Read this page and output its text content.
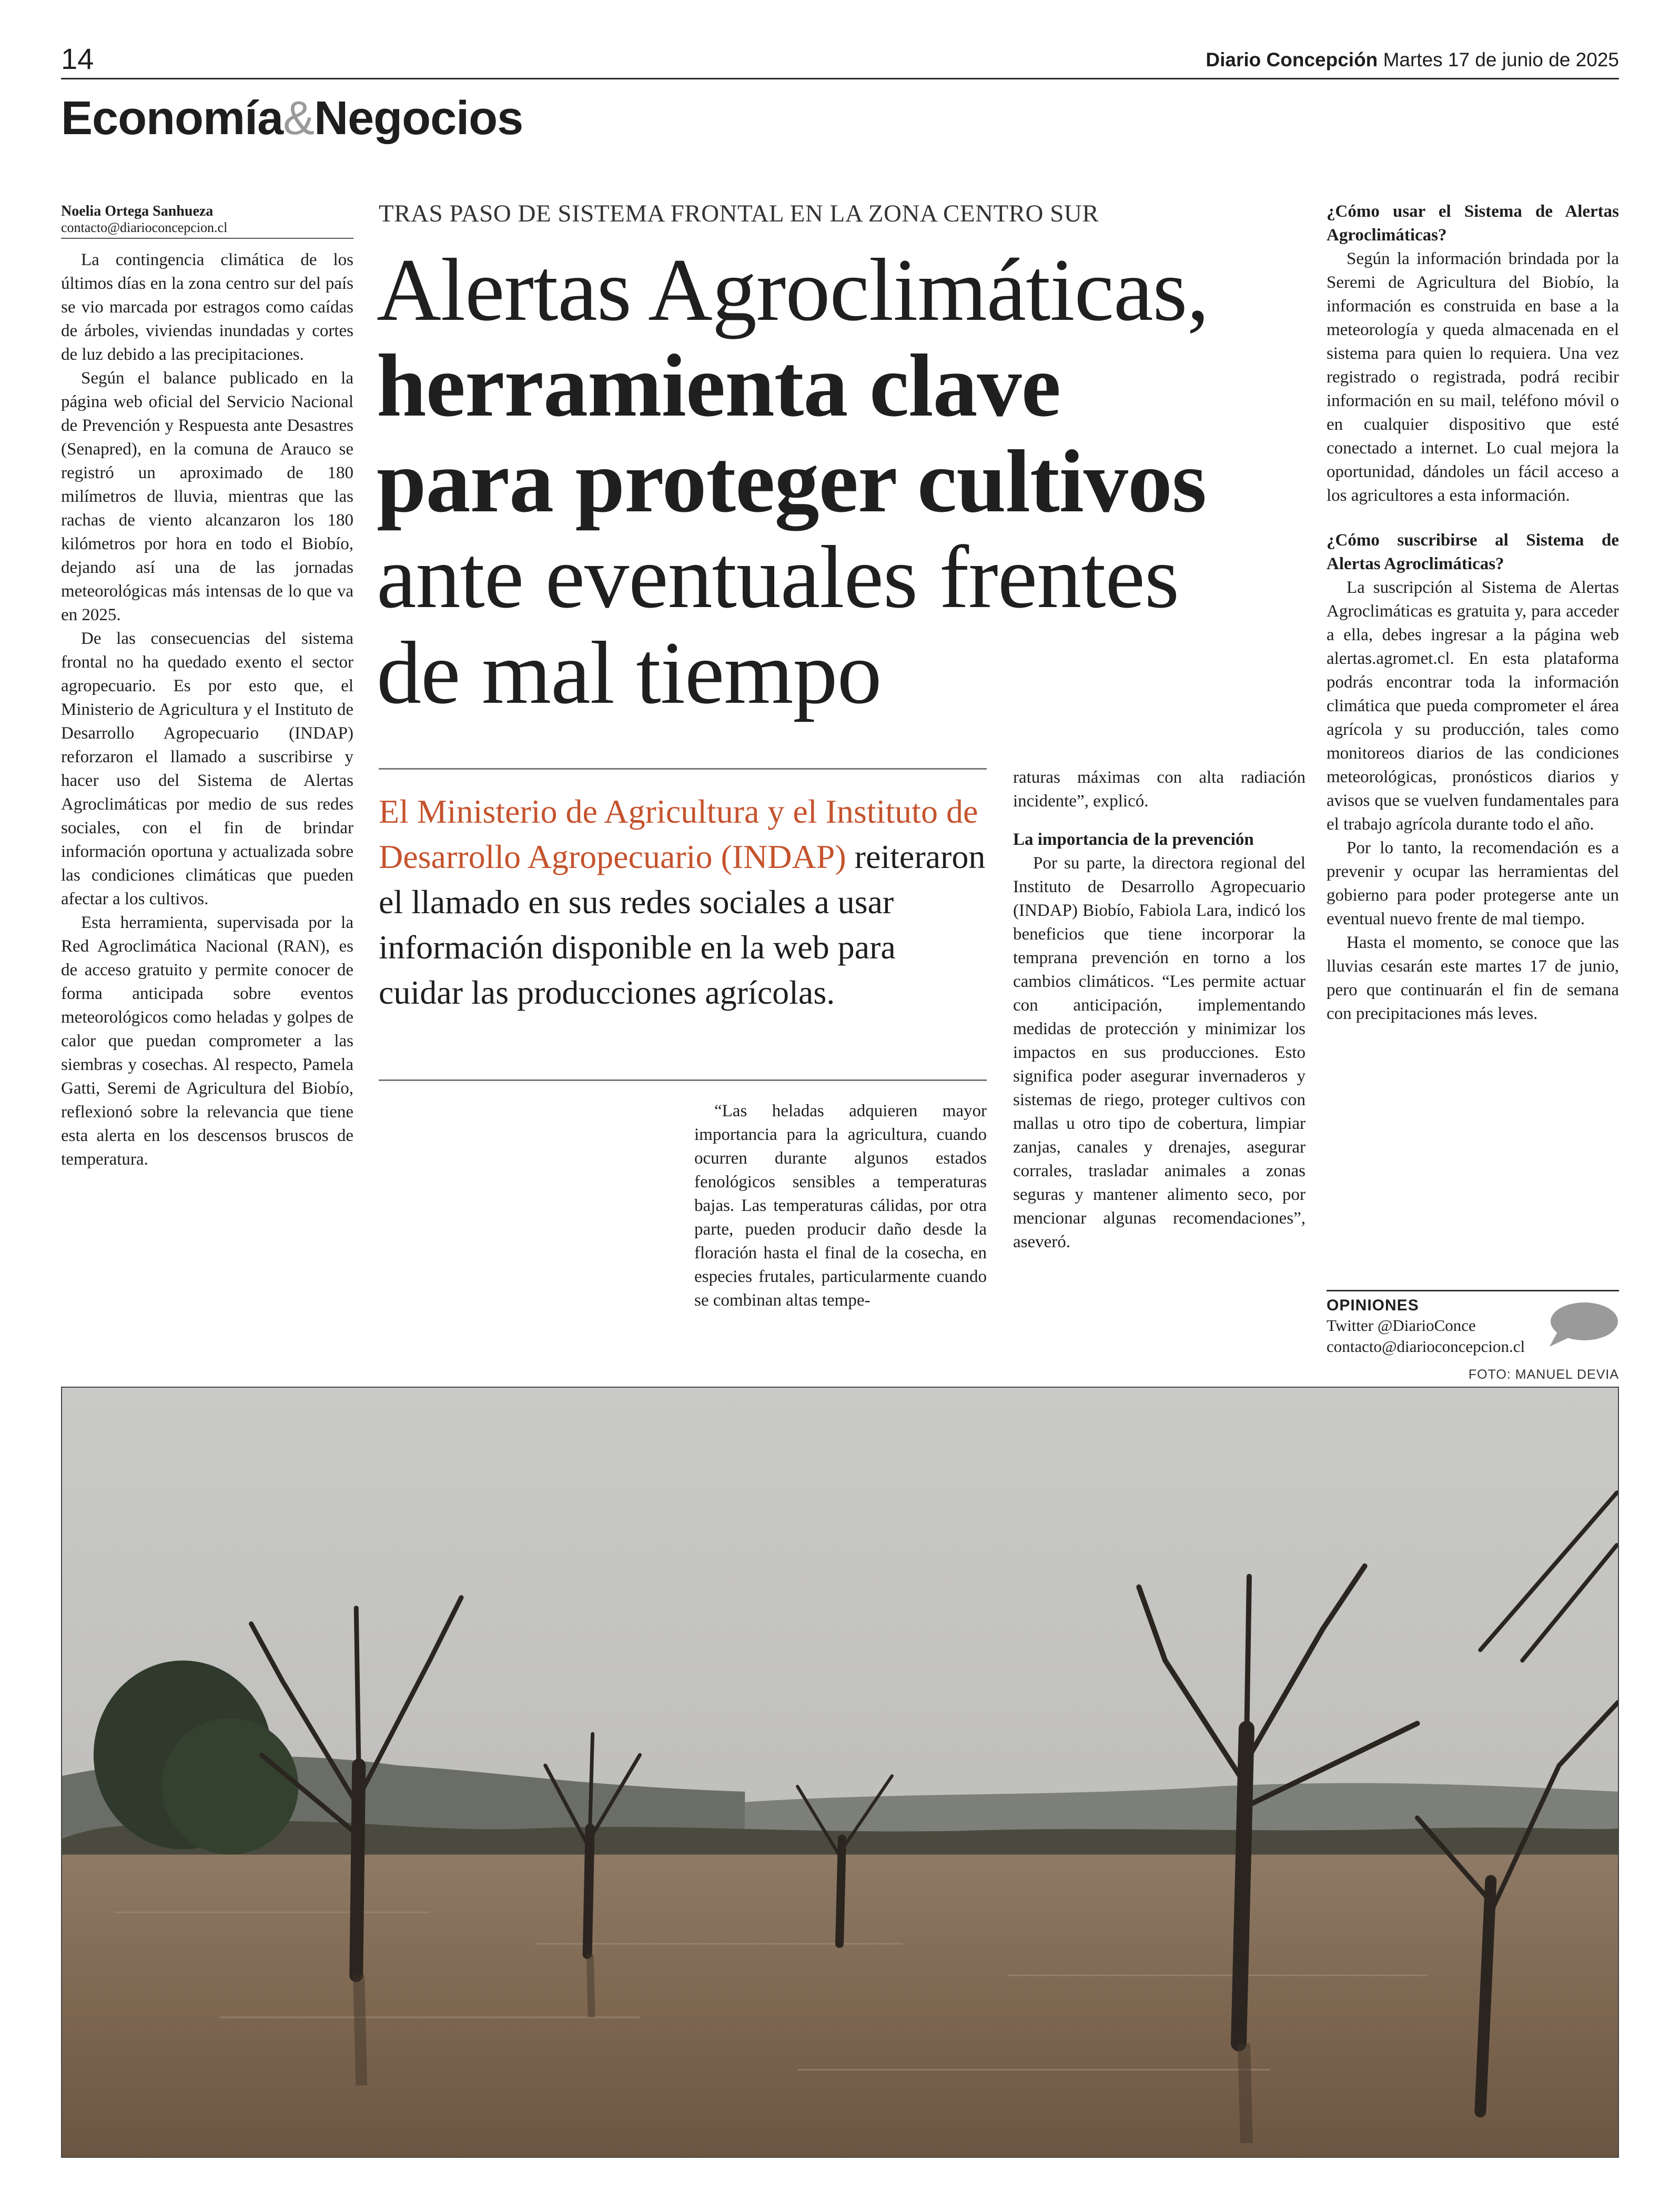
14	Diario Concepción Martes 17 de junio de 2025
Economía&Negocios
Noelia Ortega Sanhueza
contacto@diarioconcepcion.cl

La contingencia climática de los últimos días en la zona centro sur del país se vio marcada por estragos como caídas de árboles, viviendas inundadas y cortes de luz debido a las precipitaciones.

Según el balance publicado en la página web oficial del Servicio Nacional de Prevención y Respuesta ante Desastres (Senapred), en la comuna de Arauco se registró un aproximado de 180 milímetros de lluvia, mientras que las rachas de viento alcanzaron los 180 kilómetros por hora en todo el Biobío, dejando así una de las jornadas meteorológicas más intensas de lo que va en 2025.

De las consecuencias del sistema frontal no ha quedado exento el sector agropecuario. Es por esto que, el Ministerio de Agricultura y el Instituto de Desarrollo Agropecuario (INDAP) reforzaron el llamado a suscribirse y hacer uso del Sistema de Alertas Agroclimáticas por medio de sus redes sociales, con el fin de brindar información oportuna y actualizada sobre las condiciones climáticas que pueden afectar a los cultivos.

Esta herramienta, supervisada por la Red Agroclimática Nacional (RAN), es de acceso gratuito y permite conocer de forma anticipada sobre eventos meteorológicos como heladas y golpes de calor que puedan comprometer a las siembras y cosechas. Al respecto, Pamela Gatti, Seremi de Agricultura del Biobío, reflexionó sobre la relevancia que tiene esta alerta en los descensos bruscos de temperatura.

TRAS PASO DE SISTEMA FRONTAL EN LA ZONA CENTRO SUR
Alertas Agroclimáticas,
herramienta clave
para proteger cultivos
ante eventuales frentes
de mal tiempo
El Ministerio de Agricultura y el Instituto de Desarrollo Agropecuario (INDAP) reiteraron el llamado en sus redes sociales a usar información disponible en la web para cuidar las producciones agrícolas.

“Las heladas adquieren mayor importancia para la agricultura, cuando ocurren durante algunos estados fenológicos sensibles a temperaturas bajas. Las temperaturas cálidas, por otra parte, pueden producir daño desde la floración hasta el final de la cosecha, en especies frutales, particularmente cuando se combinan altas tempe-

raturas máximas con alta radiación incidente”, explicó.

La importancia de la prevención

Por su parte, la directora regional del Instituto de Desarrollo Agropecuario (INDAP) Biobío, Fabiola Lara, indicó los beneficios que tiene incorporar la temprana prevención en torno a los cambios climáticos. “Les permite actuar con anticipación, implementando medidas de protección y minimizar los impactos en sus producciones. Esto significa poder asegurar invernaderos y sistemas de riego, proteger cultivos con mallas u otro tipo de cobertura, limpiar zanjas, canales y drenajes, asegurar corrales, trasladar animales a zonas seguras y mantener alimento seco, por mencionar algunas recomendaciones”, aseveró.

¿Cómo usar el Sistema de Alertas Agroclimáticas?

Según la información brindada por la Seremi de Agricultura del Biobío, la información es construida en base a la meteorología y queda almacenada en el sistema para quien lo requiera. Una vez registrado o registrada, podrá recibir información en su mail, teléfono móvil o en cualquier dispositivo que esté conectado a internet. Lo cual mejora la oportunidad, dándoles un fácil acceso a los agricultores a esta información.

¿Cómo suscribirse al Sistema de Alertas Agroclimáticas?

La suscripción al Sistema de Alertas Agroclimáticas es gratuita y, para acceder a ella, debes ingresar a la página web alertas.agromet.cl. En esta plataforma podrás encontrar toda la información climática que pueda comprometer el área agrícola y su producción, tales como monitoreos diarios de las condiciones meteorológicas, pronósticos diarios y avisos que se vuelven fundamentales para el trabajo agrícola durante todo el año.

Por lo tanto, la recomendación es a prevenir y ocupar las herramientas del gobierno para poder protegerse ante un eventual nuevo frente de mal tiempo.

Hasta el momento, se conoce que las lluvias cesarán este martes 17 de junio, pero que continuarán el fin de semana con precipitaciones más leves.

OPINIONES
Twitter @DiarioConce
contacto@diarioconcepcion.cl
FOTO: MANUEL DEVIA
